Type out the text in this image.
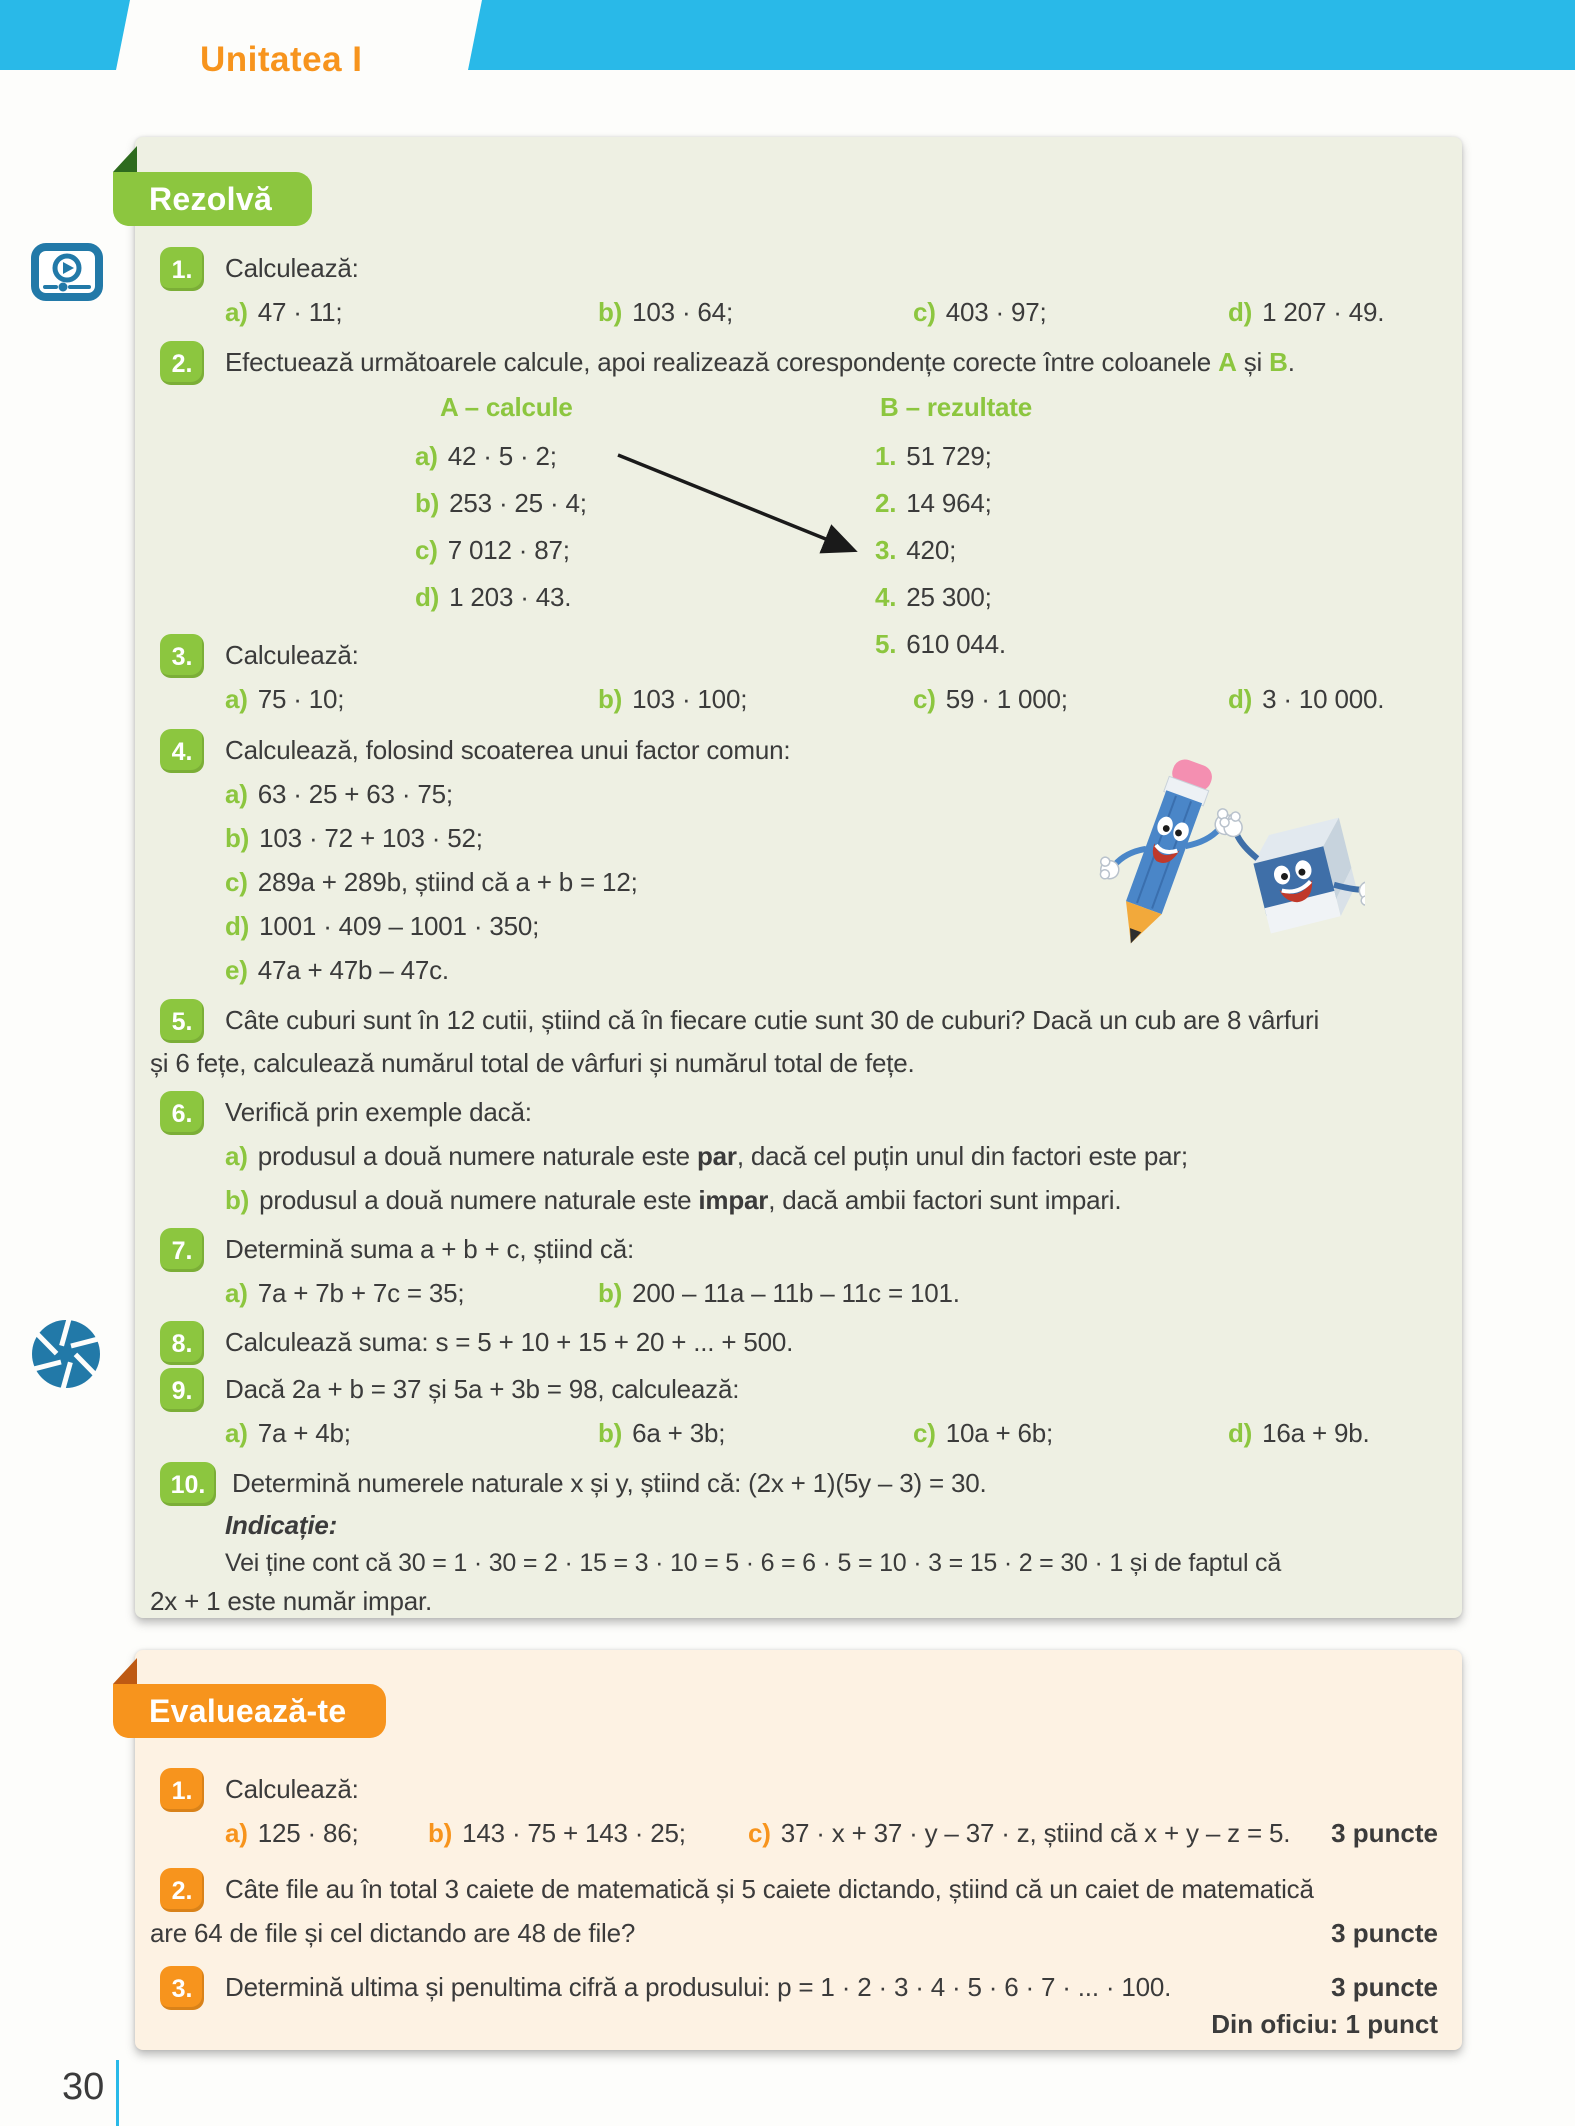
Unitatea I
Rezolvă
1.	Calculează:
a) 47 · 11;	b) 103 · 64;	c) 403 · 97;	d) 1 207 · 49.
2.	Efectuează următoarele calcule, apoi realizează corespondențe corecte între coloanele A și B.
A – calcule	B – rezultate
a) 42 · 5 · 2;
b) 253 · 25 · 4;
c) 7 012 · 87;
d) 1 203 · 43.
1. 51 729;
2. 14 964;
3. 420;
4. 25 300;
5. 610 044.
3.	Calculează:
a) 75 · 10;	b) 103 · 100;	c) 59 · 1 000;	d) 3 · 10 000.
4.	Calculează, folosind scoaterea unui factor comun:
a) 63 · 25 + 63 · 75;
b) 103 · 72 + 103 · 52;
c) 289a + 289b, știind că a + b = 12;
d) 1001 · 409 – 1001 · 350;
e) 47a + 47b – 47c.
5.	Câte cuburi sunt în 12 cutii, știind că în fiecare cutie sunt 30 de cuburi? Dacă un cub are 8 vârfuri
și 6 fețe, calculează numărul total de vârfuri și numărul total de fețe.
6.	Verifică prin exemple dacă:
a) produsul a două numere naturale este par, dacă cel puțin unul din factori este par;
b) produsul a două numere naturale este impar, dacă ambii factori sunt impari.
7.	Determină suma a + b + c, știind că:
a) 7a + 7b + 7c = 35;	b) 200 – 11a – 11b – 11c = 101.
8.	Calculează suma: s = 5 + 10 + 15 + 20 + ... + 500.
9.	Dacă 2a + b = 37 și 5a + 3b = 98, calculează:
a) 7a + 4b;	b) 6a + 3b;	c) 10a + 6b;	d) 16a + 9b.
10.	Determină numerele naturale x și y, știind că: (2x + 1)(5y – 3) = 30.
Indicație:
Vei ține cont că 30 = 1 · 30 = 2 · 15 = 3 · 10 = 5 · 6 = 6 · 5 = 10 · 3 = 15 · 2 = 30 · 1 și de faptul că
2x + 1 este număr impar.
Evaluează-te
1.	Calculează:
a) 125 · 86;	b) 143 · 75 + 143 · 25; c) 37 · x + 37 · y – 37 · z, știind că x + y – z = 5. 3 puncte
2.	Câte file au în total 3 caiete de matematică și 5 caiete dictando, știind că un caiet de matematică
are 64 de file și cel dictando are 48 de file?	3 puncte
3.	Determină ultima și penultima cifră a produsului: p = 1 · 2 · 3 · 4 · 5 · 6 · 7 · ... · 100.	3 puncte
Din oficiu: 1 punct
30
